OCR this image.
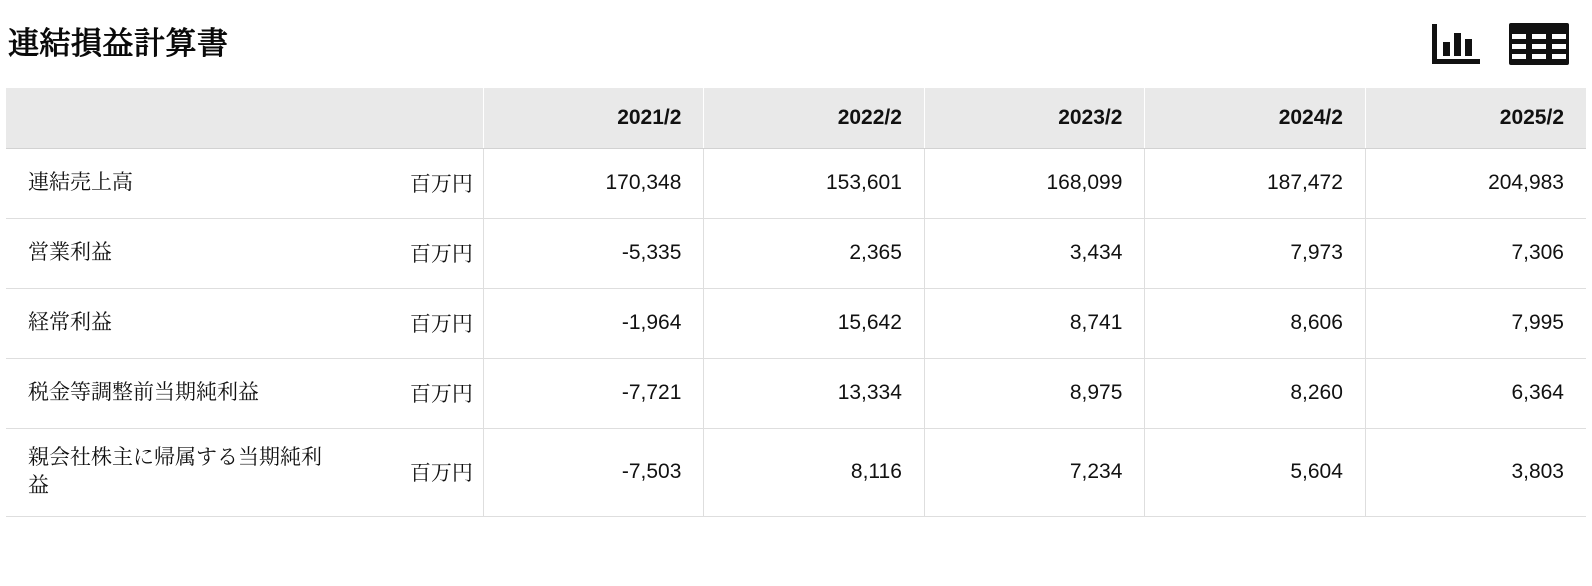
連結損益計算書
		2021/2	2022/2	2023/2	2024/2	2025/2
連結売上高	百万円	170,348	153,601	168,099	187,472	204,983
営業利益	百万円	-5,335	2,365	3,434	7,973	7,306
経常利益	百万円	-1,964	15,642	8,741	8,606	7,995
税金等調整前当期純利益	百万円	-7,721	13,334	8,975	8,260	6,364

親会社株主に帰属する当期純利益	百万円	-7,503	8,116	7,234	5,604	3,803
